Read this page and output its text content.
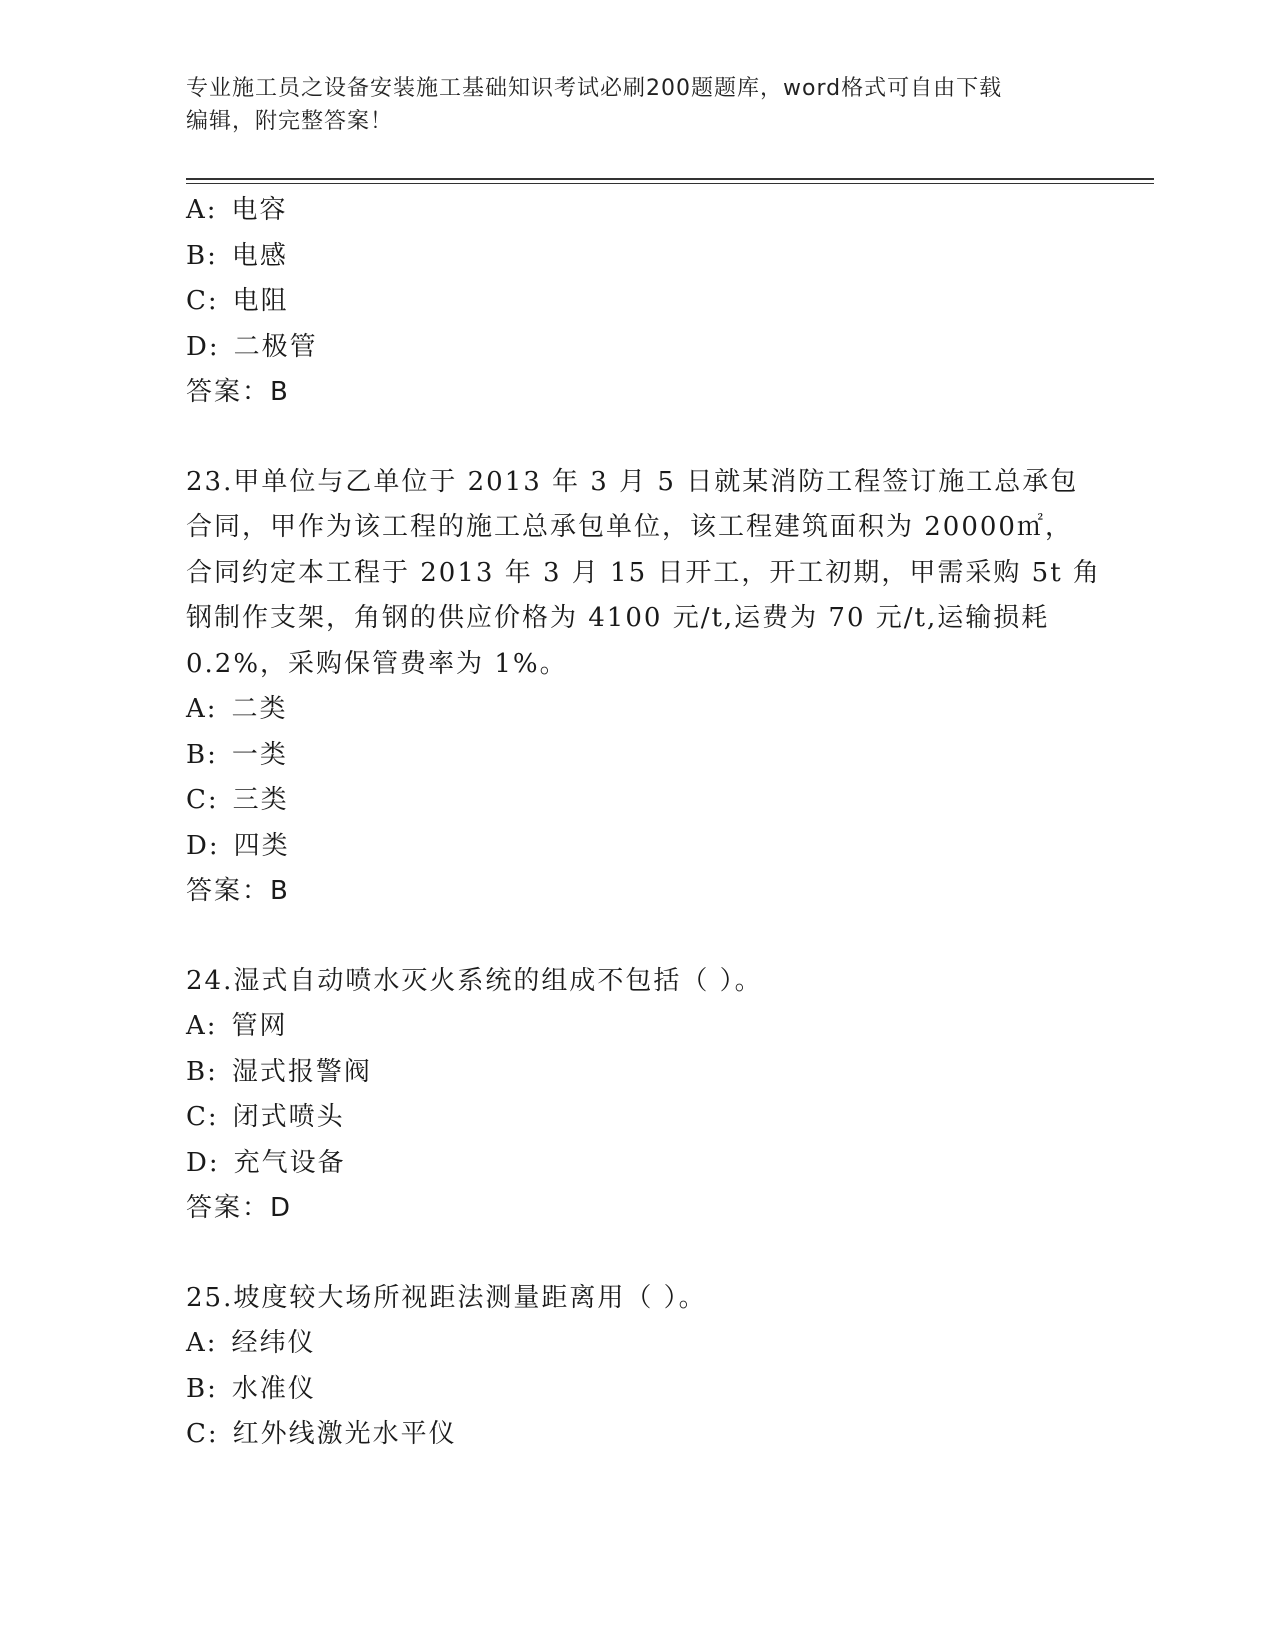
专业施工员之设备安装施工基础知识考试必刷200题题库，word格式可自由下载
编辑，附完整答案！
A: 电容
B: 电感
C: 电阻
D: 二极管
答案：B
23.甲单位与乙单位于 2013 年 3 月 5 日就某消防工程签订施工总承包
合同，甲作为该工程的施工总承包单位，该工程建筑面积为 20000㎡，
合同约定本工程于 2013 年 3 月 15 日开工，开工初期，甲需采购 5t 角
钢制作支架，角钢的供应价格为 4100 元/t,运费为 70 元/t,运输损耗
0.2%，采购保管费率为 1%。
A: 二类
B: 一类
C: 三类
D: 四类
答案：B
24.湿式自动喷水灭火系统的组成不包括（ ）。
A: 管网
B: 湿式报警阀
C: 闭式喷头
D: 充气设备
答案：D
25.坡度较大场所视距法测量距离用（ ）。
A: 经纬仪
B: 水准仪
C: 红外线激光水平仪
